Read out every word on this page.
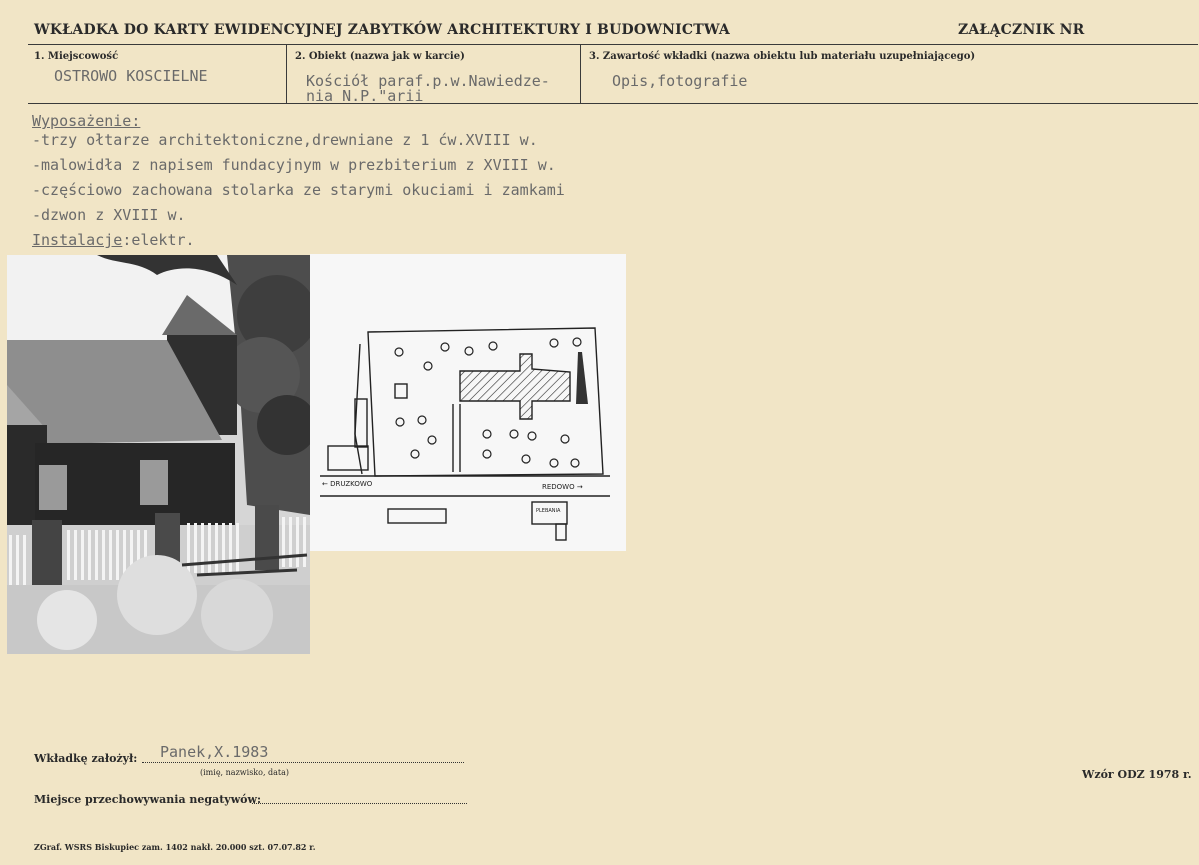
WKŁADKA DO KARTY EWIDENCYJNEJ ZABYTKÓW ARCHITEKTURY I BUDOWNICTWA	ZAŁĄCZNIK NR
1. Miejscowość
OSTROWO KOSCIELNE
2. Obiekt (nazwa jak w karcie)
Kościół paraf.p.w.Nawiedze-
nia N.P."arii
3. Zawartość wkładki (nazwa obiektu lub materiału uzupełniającego)
Opis,fotografie
Wyposażenie:
-trzy ołtarze architektoniczne,drewniane z 1 ćw.XVIII w.
-malowidła z napisem fundacyjnym w prezbiterium z XVIII w.
-częściowo zachowana stolarka ze starymi okuciami i zamkami
-dzwon z XVIII w.
Instalacje:elektr.
← DRUZKOWO	REDOWO →
PLEBANIA
Wkładkę założył: Panek,X.1983
(imię, nazwisko, data)	Wzór ODZ 1978 r.
Miejsce przechowywania negatywów:
ZGraf. WSRS Biskupiec zam. 1402 nakł. 20.000 szt. 07.07.82 r.
